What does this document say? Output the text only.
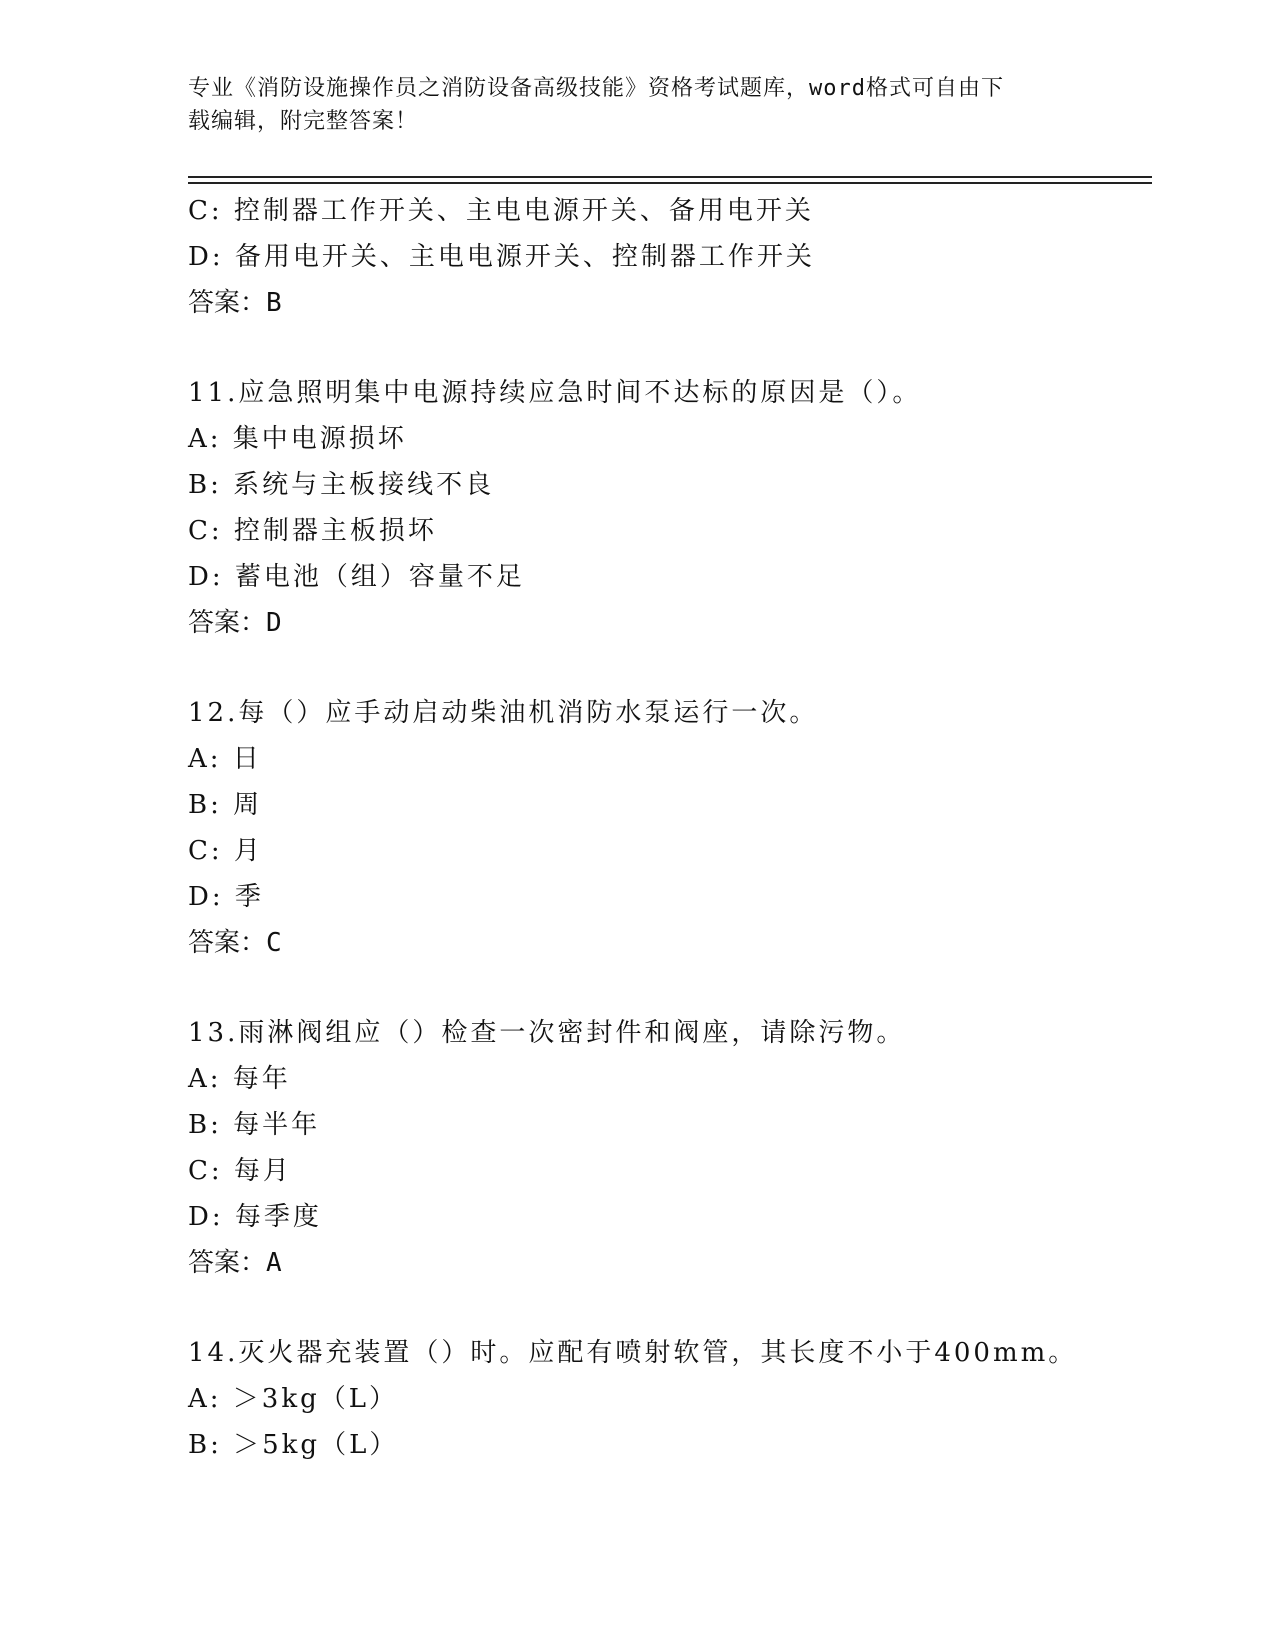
专业《消防设施操作员之消防设备高级技能》资格考试题库，word格式可自由下
载编辑，附完整答案！
C: 控制器工作开关、主电电源开关、备用电开关
D: 备用电开关、主电电源开关、控制器工作开关
答案：B
11.应急照明集中电源持续应急时间不达标的原因是（）。
A: 集中电源损坏
B: 系统与主板接线不良
C: 控制器主板损坏
D: 蓄电池（组）容量不足
答案：D
12.每（）应手动启动柴油机消防水泵运行一次。
A: 日
B: 周
C: 月
D: 季
答案：C
13.雨淋阀组应（）检查一次密封件和阀座，请除污物。
A: 每年
B: 每半年
C: 每月
D: 每季度
答案：A
14.灭火器充装置（）时。应配有喷射软管，其长度不小于400mm。
A: ＞3kg（L）
B: ＞5kg（L）
